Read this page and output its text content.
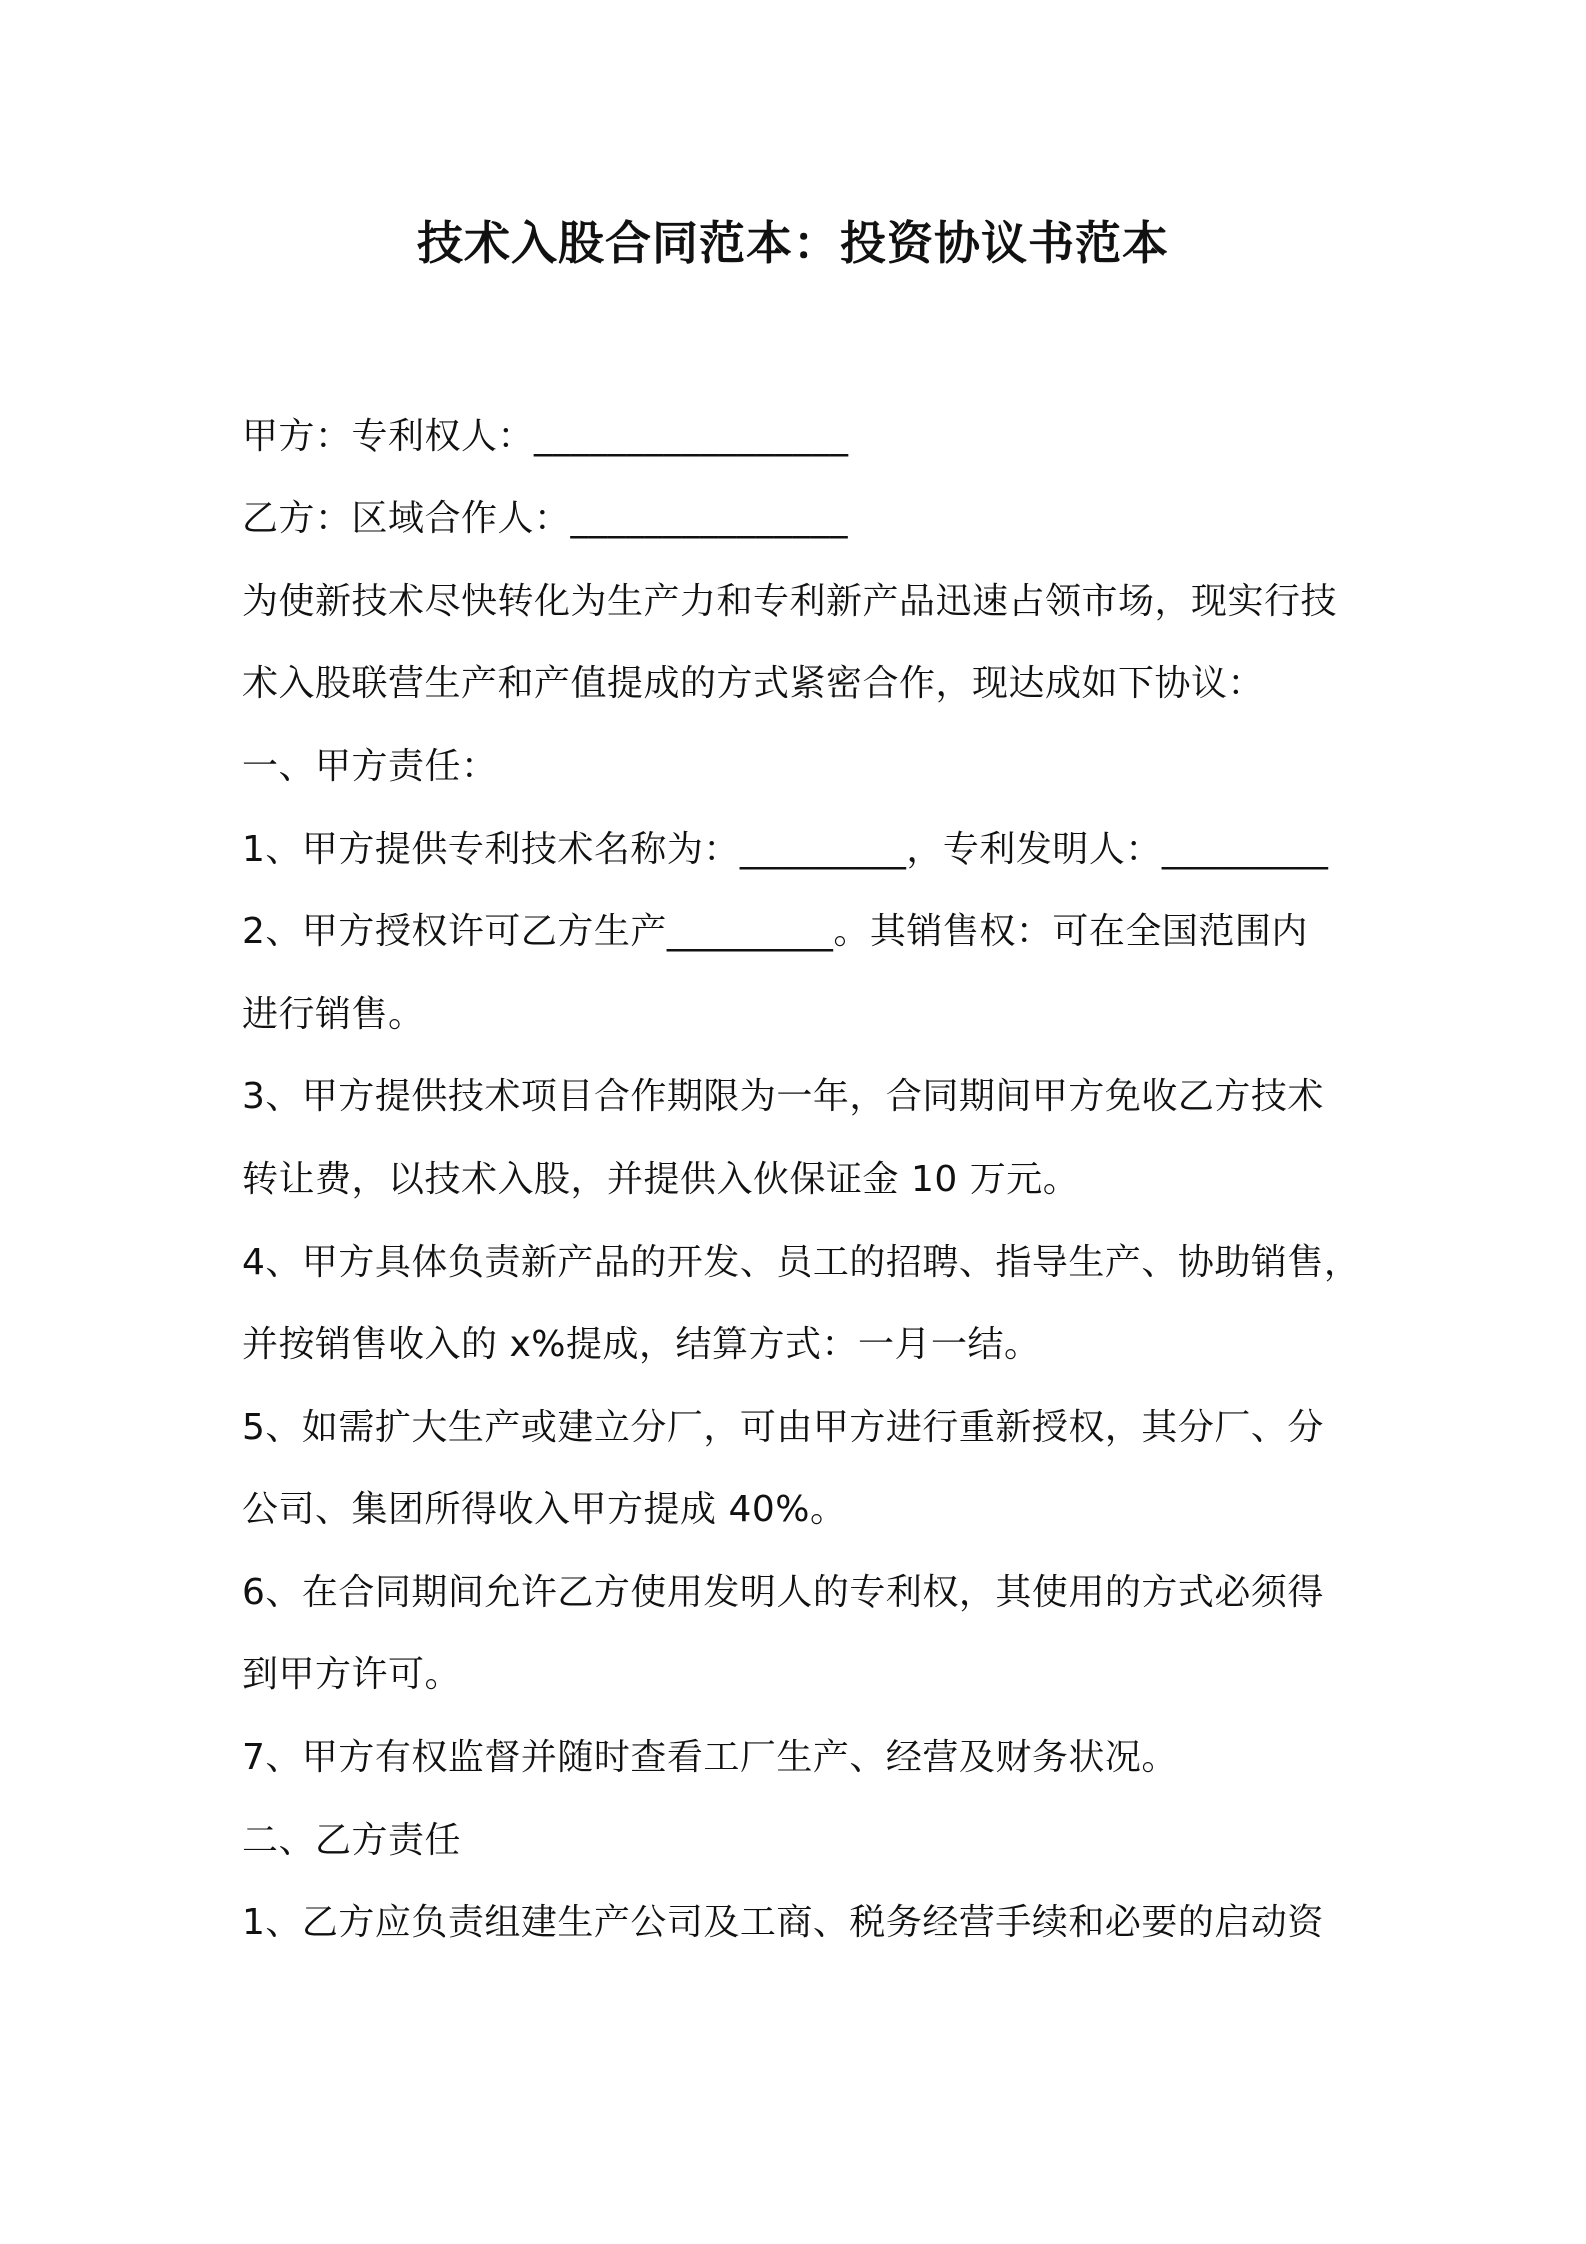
技术入股合同范本：投资协议书范本
甲方：专利权人：_________________
乙方：区域合作人：_______________
为使新技术尽快转化为生产力和专利新产品迅速占领市场，现实行技
术入股联营生产和产值提成的方式紧密合作，现达成如下协议：
一、甲方责任：
1、甲方提供专利技术名称为：_________，专利发明人：_________
2、甲方授权许可乙方生产_________。其销售权：可在全国范围内
进行销售。
3、甲方提供技术项目合作期限为一年，合同期间甲方免收乙方技术
转让费，以技术入股，并提供入伙保证金 10 万元。
4、甲方具体负责新产品的开发、员工的招聘、指导生产、协助销售，
并按销售收入的 x%提成，结算方式：一月一结。
5、如需扩大生产或建立分厂，可由甲方进行重新授权，其分厂、分
公司、集团所得收入甲方提成 40%。
6、在合同期间允许乙方使用发明人的专利权，其使用的方式必须得
到甲方许可。
7、甲方有权监督并随时查看工厂生产、经营及财务状况。
二、乙方责任
1、乙方应负责组建生产公司及工商、税务经营手续和必要的启动资
